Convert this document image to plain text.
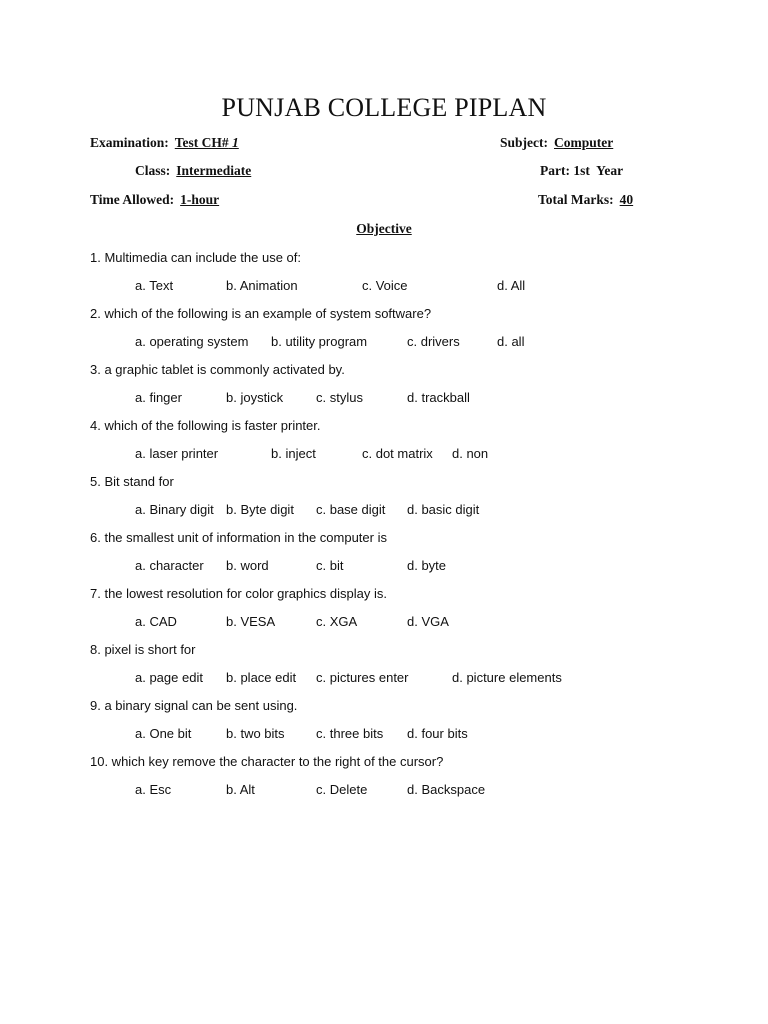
PUNJAB COLLEGE PIPLAN
Examination: Test CH# 1	Subject: Computer
Class: Intermediate	Part: 1st  Year
Time Allowed: 1-hour	Total Marks: 40
Objective
1. Multimedia can include the use of:
a. Text	b. Animation	c. Voice	d. All
2. which of the following is an example of system software?
a. operating system b. utility program	c. drivers	d. all
3. a graphic tablet is commonly activated by.
a. finger	b. joystick	c. stylus	d. trackball
4. which of the following is faster printer.
a. laser printer	b. inject	c. dot matrix d. non
5. Bit stand for
a. Binary digit b. Byte digit c. base digit d. basic digit
6. the smallest unit of information in the computer is
a. character b. word	c. bit	d. byte
7. the lowest resolution for color graphics display is.
a. CAD	b. VESA	c. XGA	d. VGA
8. pixel is short for
a. page edit b. place edit c. pictures enter	d. picture elements
9. a binary signal can be sent using.
a. One bit	b. two bits c. three bits d. four bits
10. which key remove the character to the right of the cursor?
a. Esc	b. Alt	c. Delete	d. Backspace
